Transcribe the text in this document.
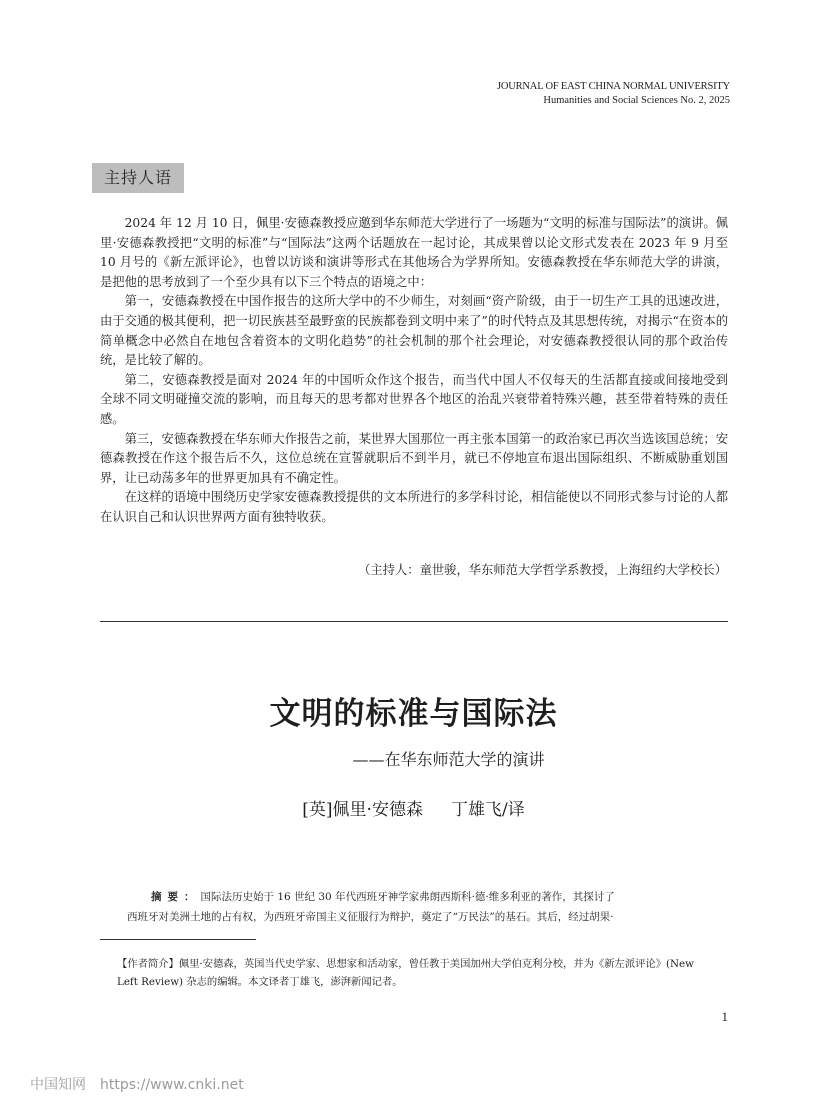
JOURNAL OF EAST CHINA NORMAL UNIVERSITY
Humanities and Social Sciences No. 2, 2025
主持人语

2024 年 12 月 10 日，佩里·安德森教授应邀到华东师范大学进行了一场题为“文明的标准与国际法”的演讲。佩里·安德森教授把“文明的标准”与“国际法”这两个话题放在一起讨论，其成果曾以论文形式发表在 2023 年 9 月至 10 月号的《新左派评论》，也曾以访谈和演讲等形式在其他场合为学界所知。安德森教授在华东师范大学的讲演，是把他的思考放到了一个至少具有以下三个特点的语境之中：

第一，安德森教授在中国作报告的这所大学中的不少师生，对刻画“资产阶级，由于一切生产工具的迅速改进，由于交通的极其便利，把一切民族甚至最野蛮的民族都卷到文明中来了”的时代特点及其思想传统，对揭示“在资本的简单概念中必然自在地包含着资本的文明化趋势”的社会机制的那个社会理论，对安德森教授很认同的那个政治传统，是比较了解的。

第二，安德森教授是面对 2024 年的中国听众作这个报告，而当代中国人不仅每天的生活都直接或间接地受到全球不同文明碰撞交流的影响，而且每天的思考都对世界各个地区的治乱兴衰带着特殊兴趣，甚至带着特殊的责任感。

第三，安德森教授在华东师大作报告之前，某世界大国那位一再主张本国第一的政治家已再次当选该国总统；安德森教授在作这个报告后不久，这位总统在宣誓就职后不到半月，就已不停地宣布退出国际组织、不断威胁重划国界，让已动荡多年的世界更加具有不确定性。

在这样的语境中围绕历史学家安德森教授提供的文本所进行的多学科讨论，相信能使以不同形式参与讨论的人都在认识自己和认识世界两方面有独特收获。

（主持人：童世骏，华东师范大学哲学系教授，上海纽约大学校长）
文明的标准与国际法
——在华东师范大学的演讲
[英]佩里·安德森 丁雄飞/译
摘要：国际法历史始于 16 世纪 30 年代西班牙神学家弗朗西斯科·德·维多利亚的著作，其探讨了
西班牙对美洲土地的占有权，为西班牙帝国主义征服行为辩护，奠定了“万民法”的基石。其后，经过胡果·
【作者简介】佩里·安德森，英国当代史学家、思想家和活动家，曾任教于美国加州大学伯克利分校，并为《新左派评论》(New
Left Review) 杂志的编辑。本文译者丁雄飞，澎湃新闻记者。
1
中国知网 https://www.cnki.net
